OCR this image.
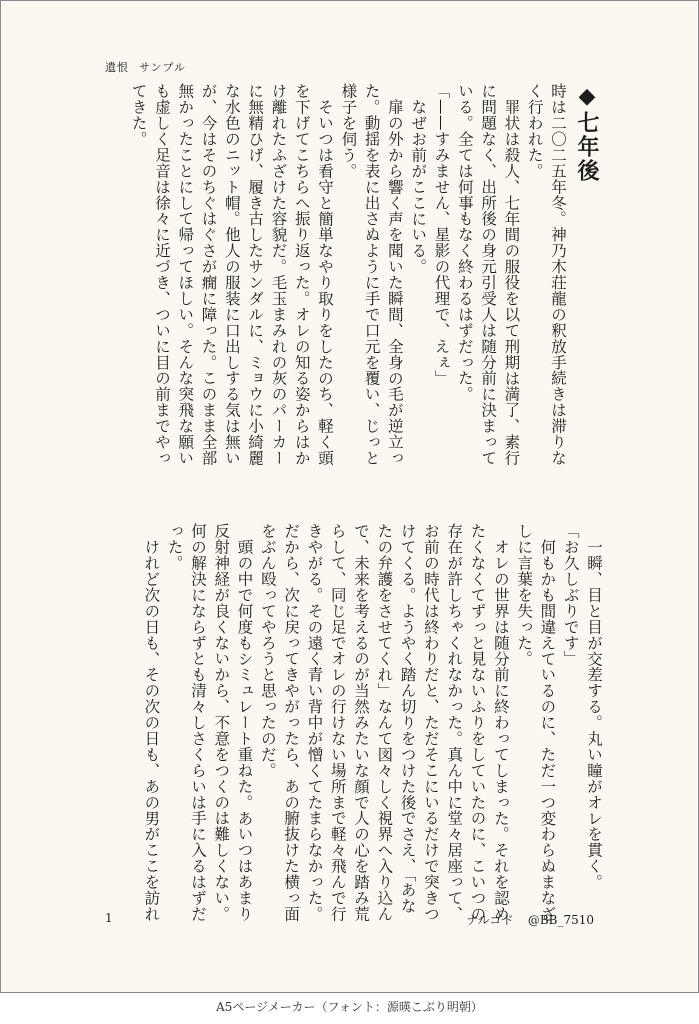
遺恨 サンプル

◆七年後

時は二〇二五年冬。神乃木荘龍の釈放手続きは滞りなく行われた。

罪状は殺人、七年間の服役を以て刑期は満了、素行に問題なく、出所後の身元引受人は随分前に決まっている。全ては何事もなく終わるはずだった。

「——すみません、星影の代理で、えぇ」

なぜお前がここにいる。

扉の外から響く声を聞いた瞬間、全身の毛が逆立った。動揺を表に出さぬように手で口元を覆い、じっと様子を伺う。

そいつは看守と簡単なやり取りをしたのち、軽く頭を下げてこちらへ振り返った。オレの知る姿からはかけ離れたふざけた容貌だ。毛玉まみれの灰のパーカーに無精ひげ、履き古したサンダルに、ミョウに小綺麗な水色のニット帽。他人の服装に口出しする気は無いが、今はそのちぐはぐさが癇に障った。このまま全部無かったことにして帰ってほしい。そんな突飛な願いも虚しく足音は徐々に近づき、ついに目の前までやってきた。

一瞬、目と目が交差する。丸い瞳がオレを貫く。

「お久しぶりです」

何もかも間違えているのに、ただ一つ変わらぬまなざしに言葉を失った。

オレの世界は随分前に終わってしまった。それを認めたくなくてずっと見ないふりをしていたのに、こいつの存在が許しちゃくれなかった。真ん中に堂々居座って、お前の時代は終わりだと、ただそこにいるだけで突きつけてくる。ようやく踏ん切りをつけた後でさえ、「あなたの弁護をさせてくれ」なんて図々しく視界へ入り込んで、未来を考えるのが当然みたいな顔で人の心を踏み荒らして、同じ足でオレの行けない場所まで軽々飛んで行きやがる。その遠く青い背中が憎くてたまらなかった。だから、次に戻ってきやがったら、あの腑抜けた横っ面をぶん殴ってやろうと思ったのだ。

頭の中で何度もシミュレート重ねた。あいつはあまり反射神経が良くないから、不意をつくのは難しくない。何の解決にならずとも清々しさくらいは手に入るはずだった。

けれど次の日も、その次の日も、あの男がここを訪れ

1	ナルゴド @BB_7510
A5ページメーカー（フォント：源暎こぶり明朝）
